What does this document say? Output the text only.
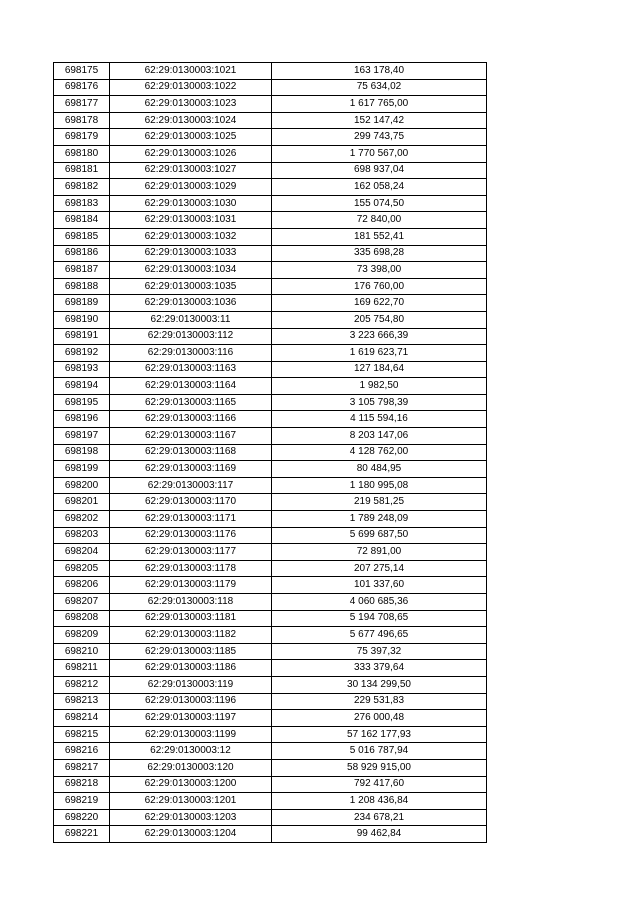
698175	62:29:0130003:1021	163 178,40
698176	62:29:0130003:1022	75 634,02
698177	62:29:0130003:1023	1 617 765,00
698178	62:29:0130003:1024	152 147,42
698179	62:29:0130003:1025	299 743,75
698180	62:29:0130003:1026	1 770 567,00
698181	62:29:0130003:1027	698 937,04
698182	62:29:0130003:1029	162 058,24
698183	62:29:0130003:1030	155 074,50
698184	62:29:0130003:1031	72 840,00
698185	62:29:0130003:1032	181 552,41
698186	62:29:0130003:1033	335 698,28
698187	62:29:0130003:1034	73 398,00
698188	62:29:0130003:1035	176 760,00
698189	62:29:0130003:1036	169 622,70
698190	62:29:0130003:11	205 754,80
698191	62:29:0130003:112	3 223 666,39
698192	62:29:0130003:116	1 619 623,71
698193	62:29:0130003:1163	127 184,64
698194	62:29:0130003:1164	1 982,50
698195	62:29:0130003:1165	3 105 798,39
698196	62:29:0130003:1166	4 115 594,16
698197	62:29:0130003:1167	8 203 147,06
698198	62:29:0130003:1168	4 128 762,00
698199	62:29:0130003:1169	80 484,95
698200	62:29:0130003:117	1 180 995,08
698201	62:29:0130003:1170	219 581,25
698202	62:29:0130003:1171	1 789 248,09
698203	62:29:0130003:1176	5 699 687,50
698204	62:29:0130003:1177	72 891,00
698205	62:29:0130003:1178	207 275,14
698206	62:29:0130003:1179	101 337,60
698207	62:29:0130003:118	4 060 685,36
698208	62:29:0130003:1181	5 194 708,65
698209	62:29:0130003:1182	5 677 496,65
698210	62:29:0130003:1185	75 397,32
698211	62:29:0130003:1186	333 379,64
698212	62:29:0130003:119	30 134 299,50
698213	62:29:0130003:1196	229 531,83
698214	62:29:0130003:1197	276 000,48
698215	62:29:0130003:1199	57 162 177,93
698216	62:29:0130003:12	5 016 787,94
698217	62:29:0130003:120	58 929 915,00
698218	62:29:0130003:1200	792 417,60
698219	62:29:0130003:1201	1 208 436,84
698220	62:29:0130003:1203	234 678,21
698221	62:29:0130003:1204	99 462,84
